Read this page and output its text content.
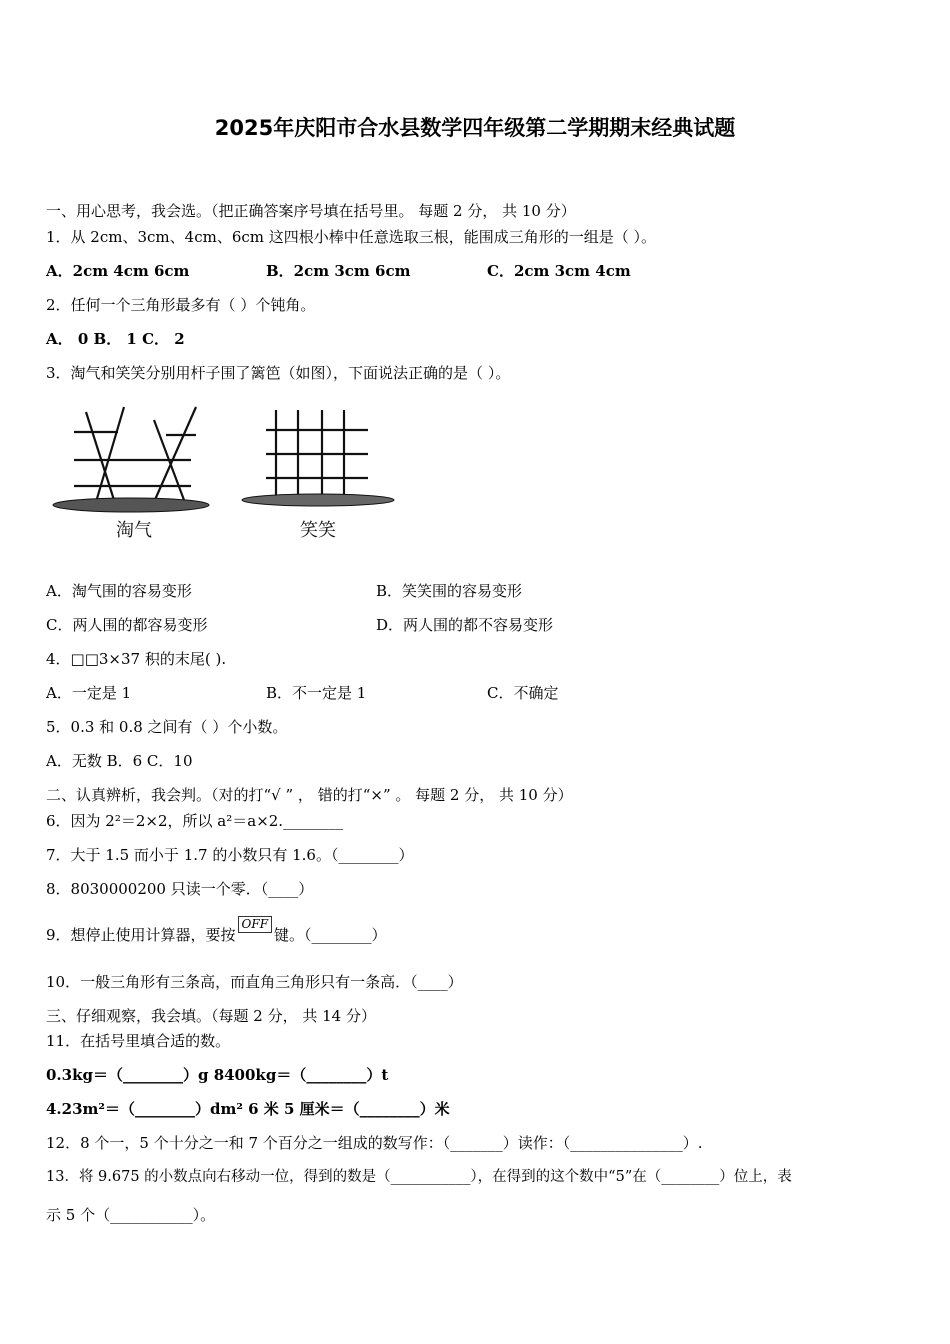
2025年庆阳市合水县数学四年级第二学期期末经典试题
一、用心思考，我会选。（把正确答案序号填在括号里。 每题 2 分， 共 10 分）
1．从 2cm、3cm、4cm、6cm 这四根小棒中任意选取三根，能围成三角形的一组是（ ）。
A．2cm 4cm 6cm	B．2cm 3cm 6cm	C．2cm 3cm 4cm
2．任何一个三角形最多有（ ）个钝角。
A． 0 B． 1 C． 2
3．淘气和笑笑分别用杆子围了篱笆（如图），下面说法正确的是（ ）。
淘气	笑笑
A．淘气围的容易变形	B．笑笑围的容易变形
C．两人围的都容易变形	D．两人围的都不容易变形
4．□□3×37 积的末尾( ).
A．一定是 1	B．不一定是 1	C．不确定
5．0.3 和 0.8 之间有（ ）个小数。
A．无数 B．6 C．10
二、认真辨析，我会判。（对的打“√ ” ， 错的打“×” 。 每题 2 分， 共 10 分）
6．因为 2²＝2×2，所以 a²＝a×2.________
7．大于 1.5 而小于 1.7 的小数只有 1.6。（________）
8．8030000200 只读一个零．（____）
9．想停止使用计算器，要按OFF键。（________）
10．一般三角形有三条高，而直角三角形只有一条高．（____）
三、仔细观察，我会填。（每题 2 分， 共 14 分）
11．在括号里填合适的数。
0.3kg＝（________）g 8400kg＝（________）t
4.23m²＝（________）dm² 6 米 5 厘米＝（________）米
12．8 个一，5 个十分之一和 7 个百分之一组成的数写作：（_______）读作：（_______________）.
13．将 9.675 的小数点向右移动一位，得到的数是（___________），在得到的这个数中“5”在（________）位上，表
示 5 个（___________）。
